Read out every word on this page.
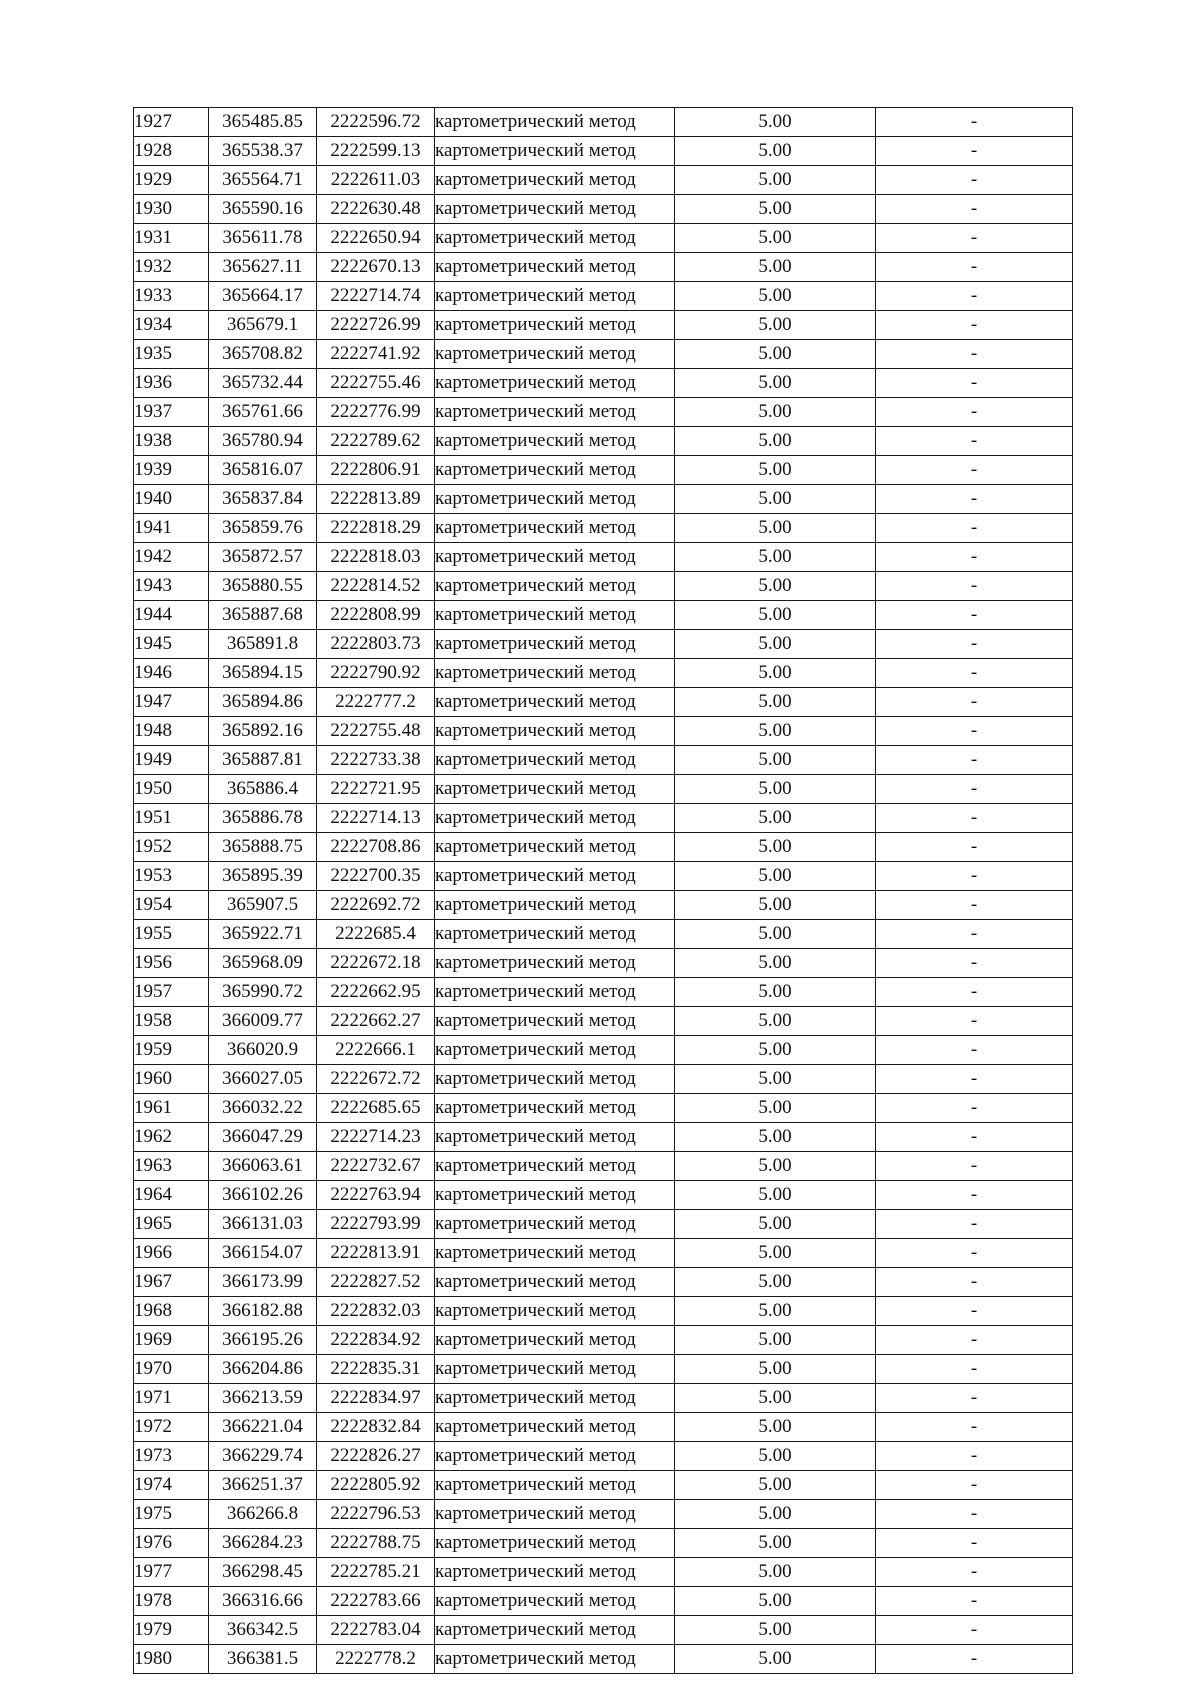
1927	365485.85	2222596.72	картометрический метод	5.00	-
1928	365538.37	2222599.13	картометрический метод	5.00	-
1929	365564.71	2222611.03	картометрический метод	5.00	-
1930	365590.16	2222630.48	картометрический метод	5.00	-
1931	365611.78	2222650.94	картометрический метод	5.00	-
1932	365627.11	2222670.13	картометрический метод	5.00	-
1933	365664.17	2222714.74	картометрический метод	5.00	-
1934	365679.1	2222726.99	картометрический метод	5.00	-
1935	365708.82	2222741.92	картометрический метод	5.00	-
1936	365732.44	2222755.46	картометрический метод	5.00	-
1937	365761.66	2222776.99	картометрический метод	5.00	-
1938	365780.94	2222789.62	картометрический метод	5.00	-
1939	365816.07	2222806.91	картометрический метод	5.00	-
1940	365837.84	2222813.89	картометрический метод	5.00	-
1941	365859.76	2222818.29	картометрический метод	5.00	-
1942	365872.57	2222818.03	картометрический метод	5.00	-
1943	365880.55	2222814.52	картометрический метод	5.00	-
1944	365887.68	2222808.99	картометрический метод	5.00	-
1945	365891.8	2222803.73	картометрический метод	5.00	-
1946	365894.15	2222790.92	картометрический метод	5.00	-
1947	365894.86	2222777.2	картометрический метод	5.00	-
1948	365892.16	2222755.48	картометрический метод	5.00	-
1949	365887.81	2222733.38	картометрический метод	5.00	-
1950	365886.4	2222721.95	картометрический метод	5.00	-
1951	365886.78	2222714.13	картометрический метод	5.00	-
1952	365888.75	2222708.86	картометрический метод	5.00	-
1953	365895.39	2222700.35	картометрический метод	5.00	-
1954	365907.5	2222692.72	картометрический метод	5.00	-
1955	365922.71	2222685.4	картометрический метод	5.00	-
1956	365968.09	2222672.18	картометрический метод	5.00	-
1957	365990.72	2222662.95	картометрический метод	5.00	-
1958	366009.77	2222662.27	картометрический метод	5.00	-
1959	366020.9	2222666.1	картометрический метод	5.00	-
1960	366027.05	2222672.72	картометрический метод	5.00	-
1961	366032.22	2222685.65	картометрический метод	5.00	-
1962	366047.29	2222714.23	картометрический метод	5.00	-
1963	366063.61	2222732.67	картометрический метод	5.00	-
1964	366102.26	2222763.94	картометрический метод	5.00	-
1965	366131.03	2222793.99	картометрический метод	5.00	-
1966	366154.07	2222813.91	картометрический метод	5.00	-
1967	366173.99	2222827.52	картометрический метод	5.00	-
1968	366182.88	2222832.03	картометрический метод	5.00	-
1969	366195.26	2222834.92	картометрический метод	5.00	-
1970	366204.86	2222835.31	картометрический метод	5.00	-
1971	366213.59	2222834.97	картометрический метод	5.00	-
1972	366221.04	2222832.84	картометрический метод	5.00	-
1973	366229.74	2222826.27	картометрический метод	5.00	-
1974	366251.37	2222805.92	картометрический метод	5.00	-
1975	366266.8	2222796.53	картометрический метод	5.00	-
1976	366284.23	2222788.75	картометрический метод	5.00	-
1977	366298.45	2222785.21	картометрический метод	5.00	-
1978	366316.66	2222783.66	картометрический метод	5.00	-
1979	366342.5	2222783.04	картометрический метод	5.00	-
1980	366381.5	2222778.2	картометрический метод	5.00	-
